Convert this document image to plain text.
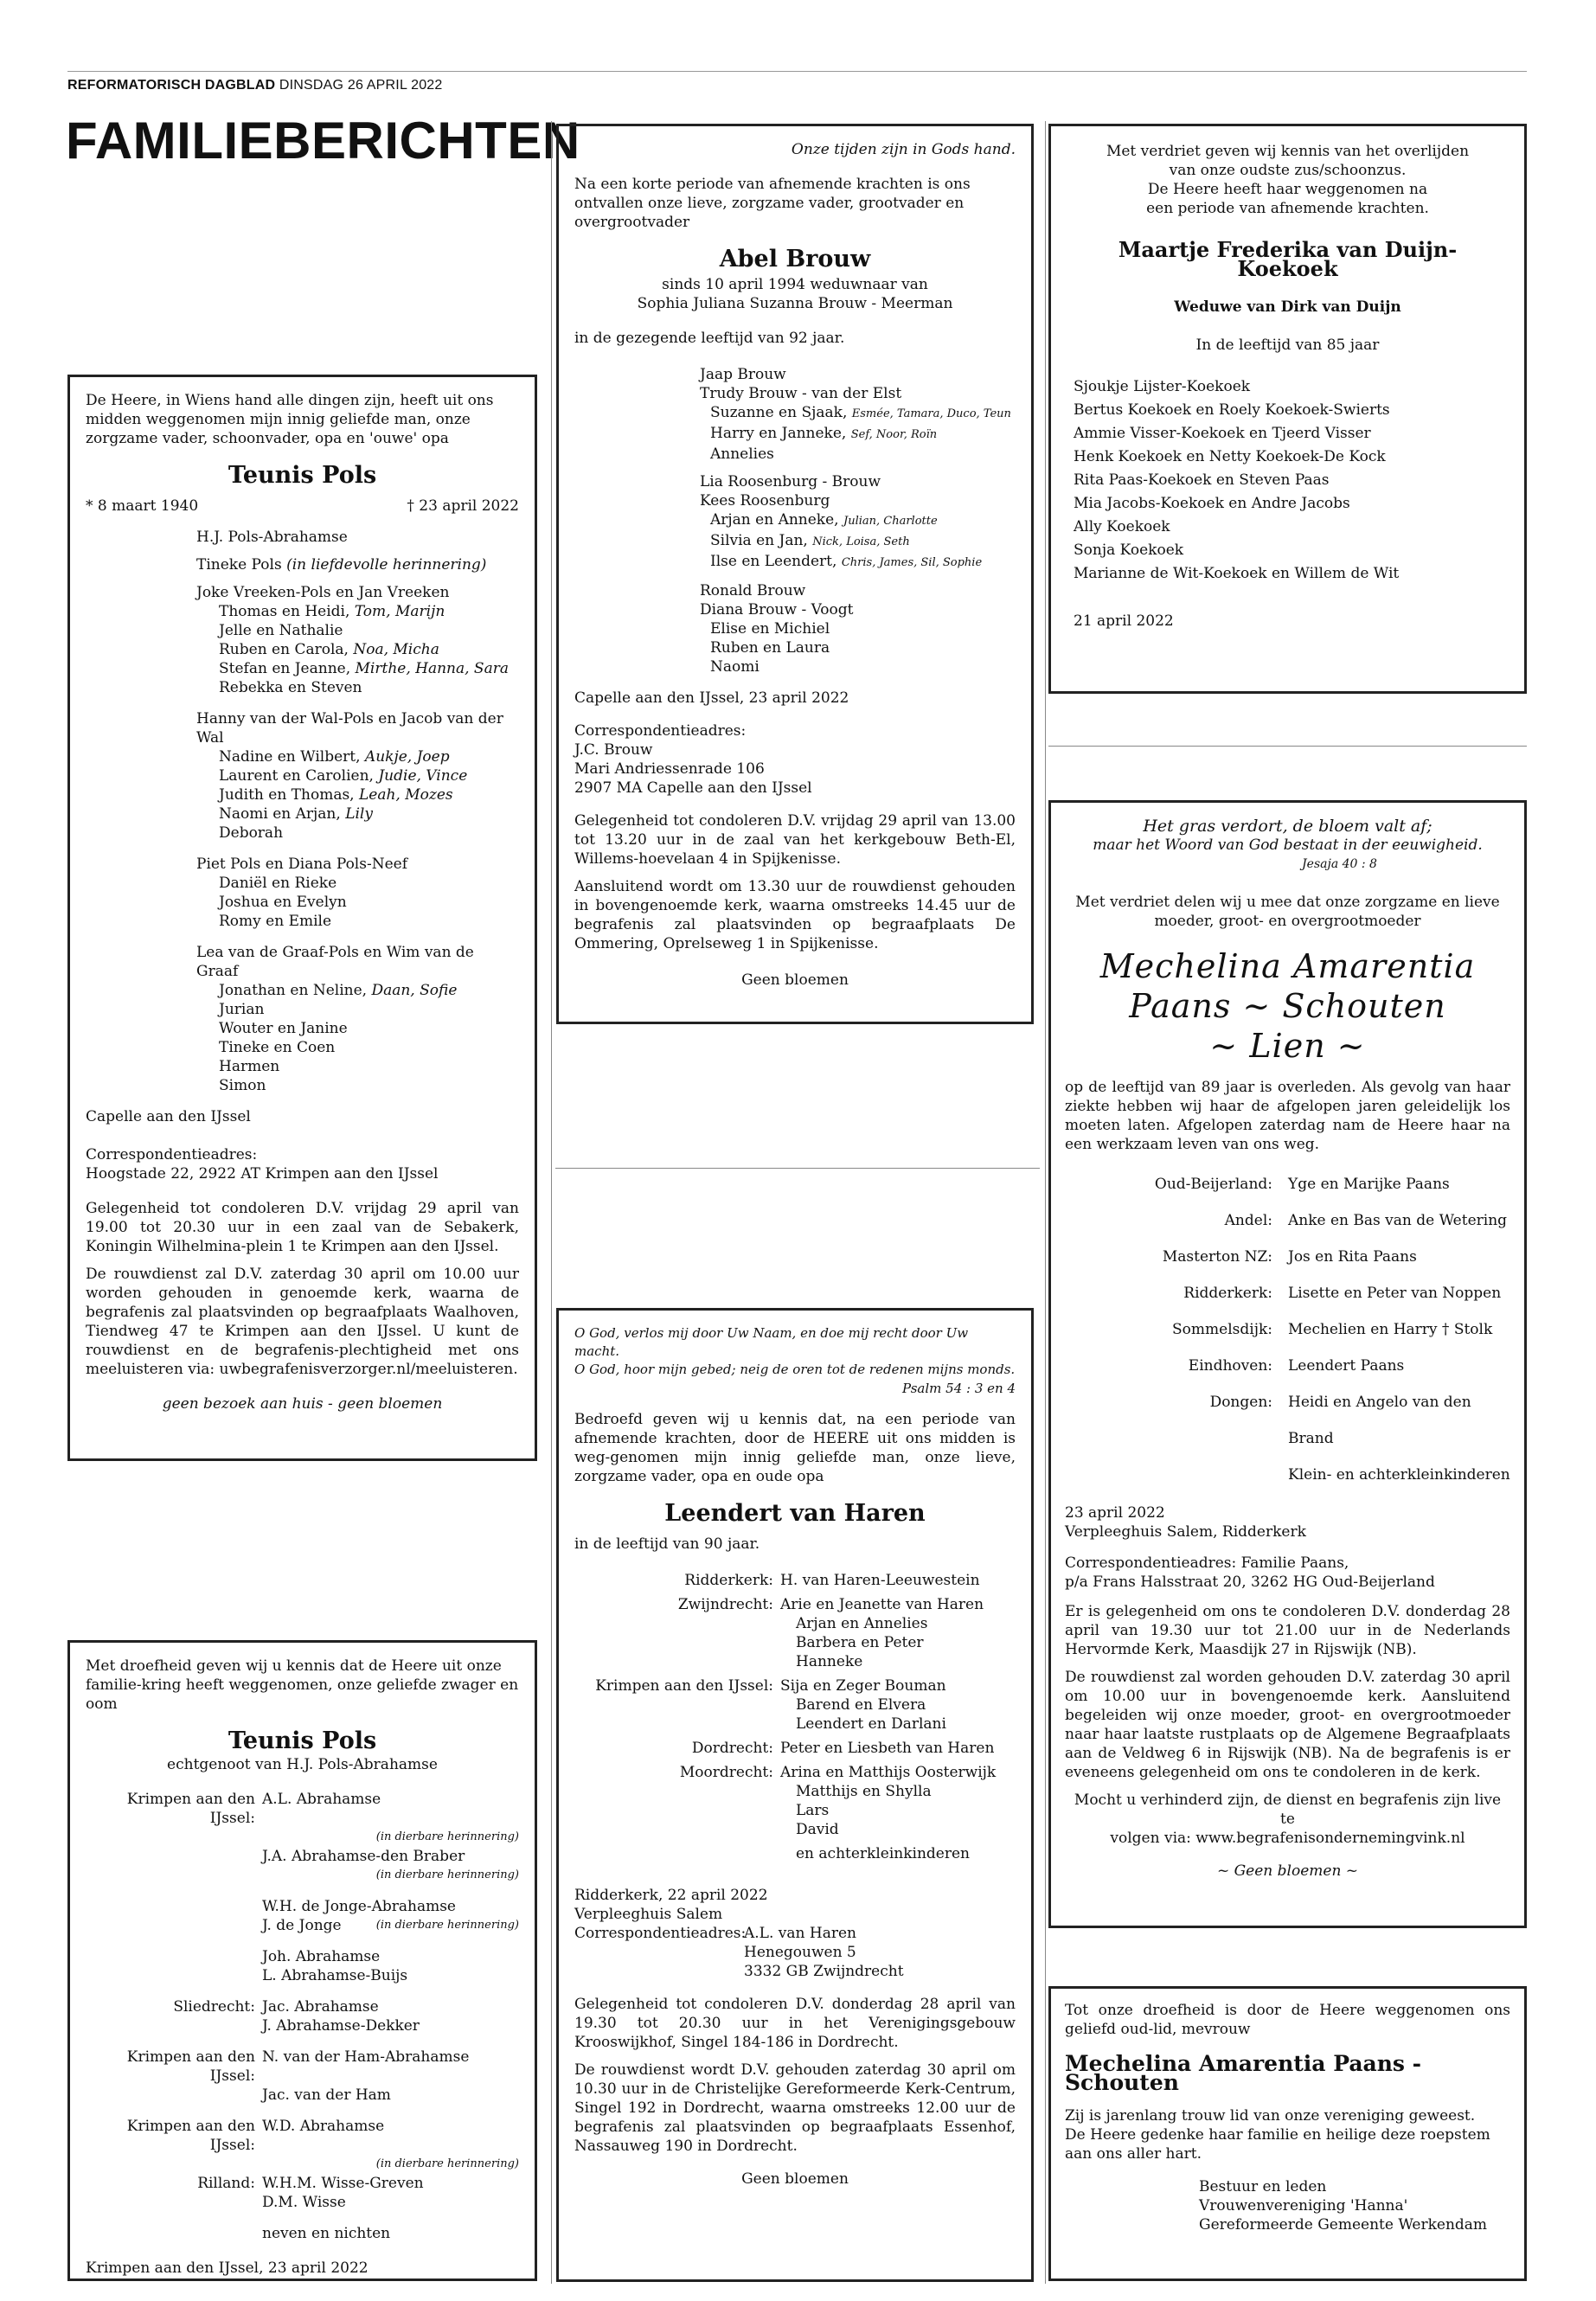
REFORMATORISCH DAGBLAD DINSDAG 26 APRIL 2022
FAMILIEBERICHTEN
De Heere, in Wiens hand alle dingen zijn, heeft uit ons midden weggenomen mijn innig geliefde man, onze zorgzame vader, schoonvader, opa en 'ouwe' opa
Teunis Pols
* 8 maart 1940	† 23 april 2022
H.J. Pols-Abrahamse
Tineke Pols (in liefdevolle herinnering)
Joke Vreeken-Pols en Jan Vreeken
Thomas en Heidi, Tom, Marijn
Jelle en Nathalie
Ruben en Carola, Noa, Micha
Stefan en Jeanne, Mirthe, Hanna, Sara
Rebekka en Steven
Hanny van der Wal-Pols en Jacob van der Wal
Nadine en Wilbert, Aukje, Joep
Laurent en Carolien, Judie, Vince
Judith en Thomas, Leah, Mozes
Naomi en Arjan, Lily
Deborah
Piet Pols en Diana Pols-Neef
Daniël en Rieke
Joshua en Evelyn
Romy en Emile
Lea van de Graaf-Pols en Wim van de Graaf
Jonathan en Neline, Daan, Sofie
Jurian
Wouter en Janine
Tineke en Coen
Harmen
Simon
Capelle aan den IJssel
Correspondentieadres:
Hoogstade 22, 2922 AT Krimpen aan den IJssel
Gelegenheid tot condoleren D.V. vrijdag 29 april van 19.00 tot 20.30 uur in een zaal van de Sebakerk, Koningin Wilhelmina-plein 1 te Krimpen aan den IJssel.
De rouwdienst zal D.V. zaterdag 30 april om 10.00 uur worden gehouden in genoemde kerk, waarna de begrafenis zal plaatsvinden op begraafplaats Waalhoven, Tiendweg 47 te Krimpen aan den IJssel. U kunt de rouwdienst en de begrafenis-plechtigheid met ons meeluisteren via: uwbegrafenisverzorger.nl/meeluisteren.
geen bezoek aan huis - geen bloemen
Met droefheid geven wij u kennis dat de Heere uit onze familie-kring heeft weggenomen, onze geliefde zwager en oom
Teunis Pols
echtgenoot van H.J. Pols-Abrahamse
Krimpen aan den IJssel:
A.L. Abrahamse
(in dierbare herinnering)
J.A. Abrahamse-den Braber
(in dierbare herinnering)
W.H. de Jonge-Abrahamse
J. de Jonge	(in dierbare herinnering)
Joh. Abrahamse
L. Abrahamse-Buijs
Sliedrecht: Jac. Abrahamse
J. Abrahamse-Dekker
Krimpen aan den IJssel:
N. van der Ham-Abrahamse
Jac. van der Ham
Krimpen aan den IJssel:
W.D. Abrahamse
(in dierbare herinnering)
Rilland: W.H.M. Wisse-Greven
D.M. Wisse
neven en nichten
Krimpen aan den IJssel, 23 april 2022
Onze tijden zijn in Gods hand.
Na een korte periode van afnemende krachten is ons ontvallen onze lieve, zorgzame vader, grootvader en overgrootvader
Abel Brouw
sinds 10 april 1994 weduwnaar van
Sophia Juliana Suzanna Brouw - Meerman
in de gezegende leeftijd van 92 jaar.
Jaap Brouw
Trudy Brouw - van der Elst
Suzanne en Sjaak, Esmée, Tamara, Duco, Teun
Harry en Janneke, Sef, Noor, Roïn
Annelies
Lia Roosenburg - Brouw
Kees Roosenburg
Arjan en Anneke, Julian, Charlotte
Silvia en Jan, Nick, Loisa, Seth
Ilse en Leendert, Chris, James, Sil, Sophie
Ronald Brouw
Diana Brouw - Voogt
Elise en Michiel
Ruben en Laura
Naomi
Capelle aan den IJssel, 23 april 2022
Correspondentieadres:
J.C. Brouw
Mari Andriessenrade 106
2907 MA Capelle aan den IJssel
Gelegenheid tot condoleren D.V. vrijdag 29 april van 13.00 tot 13.20 uur in de zaal van het kerkgebouw Beth-El, Willems-hoevelaan 4 in Spijkenisse.
Aansluitend wordt om 13.30 uur de rouwdienst gehouden in bovengenoemde kerk, waarna omstreeks 14.45 uur de begrafenis zal plaatsvinden op begraafplaats De Ommering, Oprelseweg 1 in Spijkenisse.
Geen bloemen
O God, verlos mij door Uw Naam, en doe mij recht door Uw macht.
O God, hoor mijn gebed; neig de oren tot de redenen mijns monds.
Psalm 54 : 3 en 4
Bedroefd geven wij u kennis dat, na een periode van afnemende krachten, door de HEERE uit ons midden is weg-genomen mijn innig geliefde man, onze lieve, zorgzame vader, opa en oude opa
Leendert van Haren
in de leeftijd van 90 jaar.
Ridderkerk: H. van Haren-Leeuwestein
Zwijndrecht: Arie en Jeanette van Haren
Arjan en Annelies
Barbera en Peter
Hanneke
Krimpen aan den IJssel: Sija en Zeger Bouman
Barend en Elvera
Leendert en Darlani
Dordrecht: Peter en Liesbeth van Haren
Moordrecht: Arina en Matthijs Oosterwijk
Matthijs en Shylla
Lars
David
en achterkleinkinderen
Ridderkerk, 22 april 2022
Verpleeghuis Salem
Correspondentieadres:
A.L. van Haren
Henegouwen 5
3332 GB Zwijndrecht
Gelegenheid tot condoleren D.V. donderdag 28 april van 19.30 tot 20.30 uur in het Verenigingsgebouw Krooswijkhof, Singel 184-186 in Dordrecht.
De rouwdienst wordt D.V. gehouden zaterdag 30 april om 10.30 uur in de Christelijke Gereformeerde Kerk-Centrum, Singel 192 in Dordrecht, waarna omstreeks 12.00 uur de begrafenis zal plaatsvinden op begraafplaats Essenhof, Nassauweg 190 in Dordrecht.
Geen bloemen
Met verdriet geven wij kennis van het overlijden
van onze oudste zus/schoonzus.
De Heere heeft haar weggenomen na
een periode van afnemende krachten.
Maartje Frederika van Duijn-Koekoek
Weduwe van Dirk van Duijn
In de leeftijd van 85 jaar
Sjoukje Lijster-Koekoek
Bertus Koekoek en Roely Koekoek-Swierts
Ammie Visser-Koekoek en Tjeerd Visser
Henk Koekoek en Netty Koekoek-De Kock
Rita Paas-Koekoek en Steven Paas
Mia Jacobs-Koekoek en Andre Jacobs
Ally Koekoek
Sonja Koekoek
Marianne de Wit-Koekoek en Willem de Wit
21 april 2022
Het gras verdort, de bloem valt af;
maar het Woord van God bestaat in der eeuwigheid.
Jesaja 40 : 8
Met verdriet delen wij u mee dat onze zorgzame en lieve
moeder, groot- en overgrootmoeder
Mechelina Amarentia
Paans ~ Schouten
~ Lien ~
op de leeftijd van 89 jaar is overleden. Als gevolg van haar ziekte hebben wij haar de afgelopen jaren geleidelijk los moeten laten. Afgelopen zaterdag nam de Heere haar na een werkzaam leven van ons weg.
Oud-Beijerland:	Yge en Marijke Paans
Andel:	Anke en Bas van de Wetering
Masterton NZ:	Jos en Rita Paans
Ridderkerk:	Lisette en Peter van Noppen
Sommelsdijk:	Mechelien en Harry † Stolk
Eindhoven:	Leendert Paans
Dongen:	Heidi en Angelo van den Brand
Klein- en achterkleinkinderen
23 april 2022
Verpleeghuis Salem, Ridderkerk
Correspondentieadres: Familie Paans,
p/a Frans Halsstraat 20, 3262 HG Oud-Beijerland
Er is gelegenheid om ons te condoleren D.V. donderdag 28 april van 19.30 uur tot 21.00 uur in de Nederlands Hervormde Kerk, Maasdijk 27 in Rijswijk (NB).
De rouwdienst zal worden gehouden D.V. zaterdag 30 april om 10.00 uur in bovengenoemde kerk. Aansluitend begeleiden wij onze moeder, groot- en overgrootmoeder naar haar laatste rustplaats op de Algemene Begraafplaats aan de Veldweg 6 in Rijswijk (NB). Na de begrafenis is er eveneens gelegenheid om ons te condoleren in de kerk.
Mocht u verhinderd zijn, de dienst en begrafenis zijn live te
volgen via: www.begrafenisondernemingvink.nl
~ Geen bloemen ~
Tot onze droefheid is door de Heere weggenomen ons geliefd oud-lid, mevrouw
Mechelina Amarentia Paans - Schouten
Zij is jarenlang trouw lid van onze vereniging geweest.
De Heere gedenke haar familie en heilige deze roepstem aan ons aller hart.
Bestuur en leden
Vrouwenvereniging 'Hanna'
Gereformeerde Gemeente Werkendam
